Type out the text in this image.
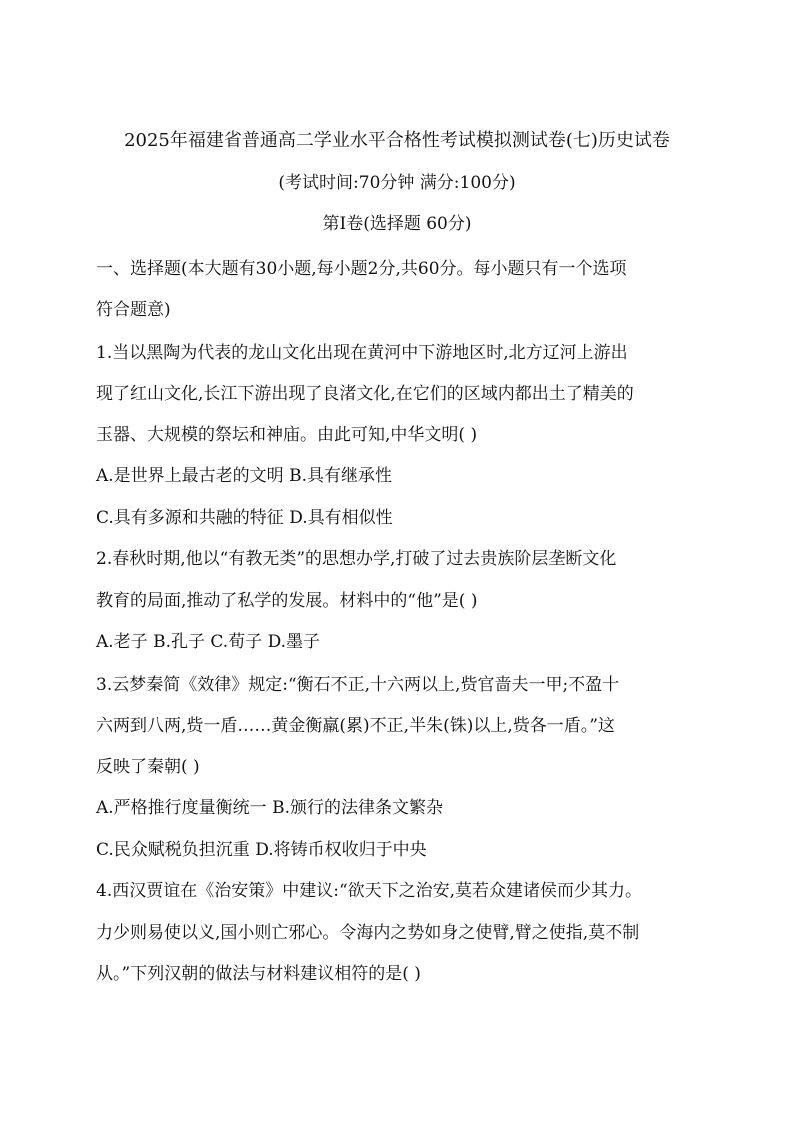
2025年福建省普通高二学业水平合格性考试模拟测试卷(七)历史试卷
(考试时间:70分钟 满分:100分)
第Ⅰ卷(选择题 60分)
一、选择题(本大题有30小题,每小题2分,共60分。每小题只有一个选项
符合题意)
1.当以黑陶为代表的龙山文化出现在黄河中下游地区时,北方辽河上游出
现了红山文化,长江下游出现了良渚文化,在它们的区域内都出土了精美的
玉器、大规模的祭坛和神庙。由此可知,中华文明( )
A.是世界上最古老的文明 B.具有继承性
C.具有多源和共融的特征 D.具有相似性
2.春秋时期,他以“有教无类”的思想办学,打破了过去贵族阶层垄断文化
教育的局面,推动了私学的发展。材料中的“他”是( )
A.老子 B.孔子 C.荀子 D.墨子
3.云梦秦简《效律》规定:“衡石不正,十六两以上,赀官啬夫一甲;不盈十
六两到八两,赀一盾……黄金衡羸(累)不正,半朱(铢)以上,赀各一盾。”这
反映了秦朝( )
A.严格推行度量衡统一 B.颁行的法律条文繁杂
C.民众赋税负担沉重 D.将铸币权收归于中央
4.西汉贾谊在《治安策》中建议:“欲天下之治安,莫若众建诸侯而少其力。
力少则易使以义,国小则亡邪心。令海内之势如身之使臂,臂之使指,莫不制
从。”下列汉朝的做法与材料建议相符的是( )
